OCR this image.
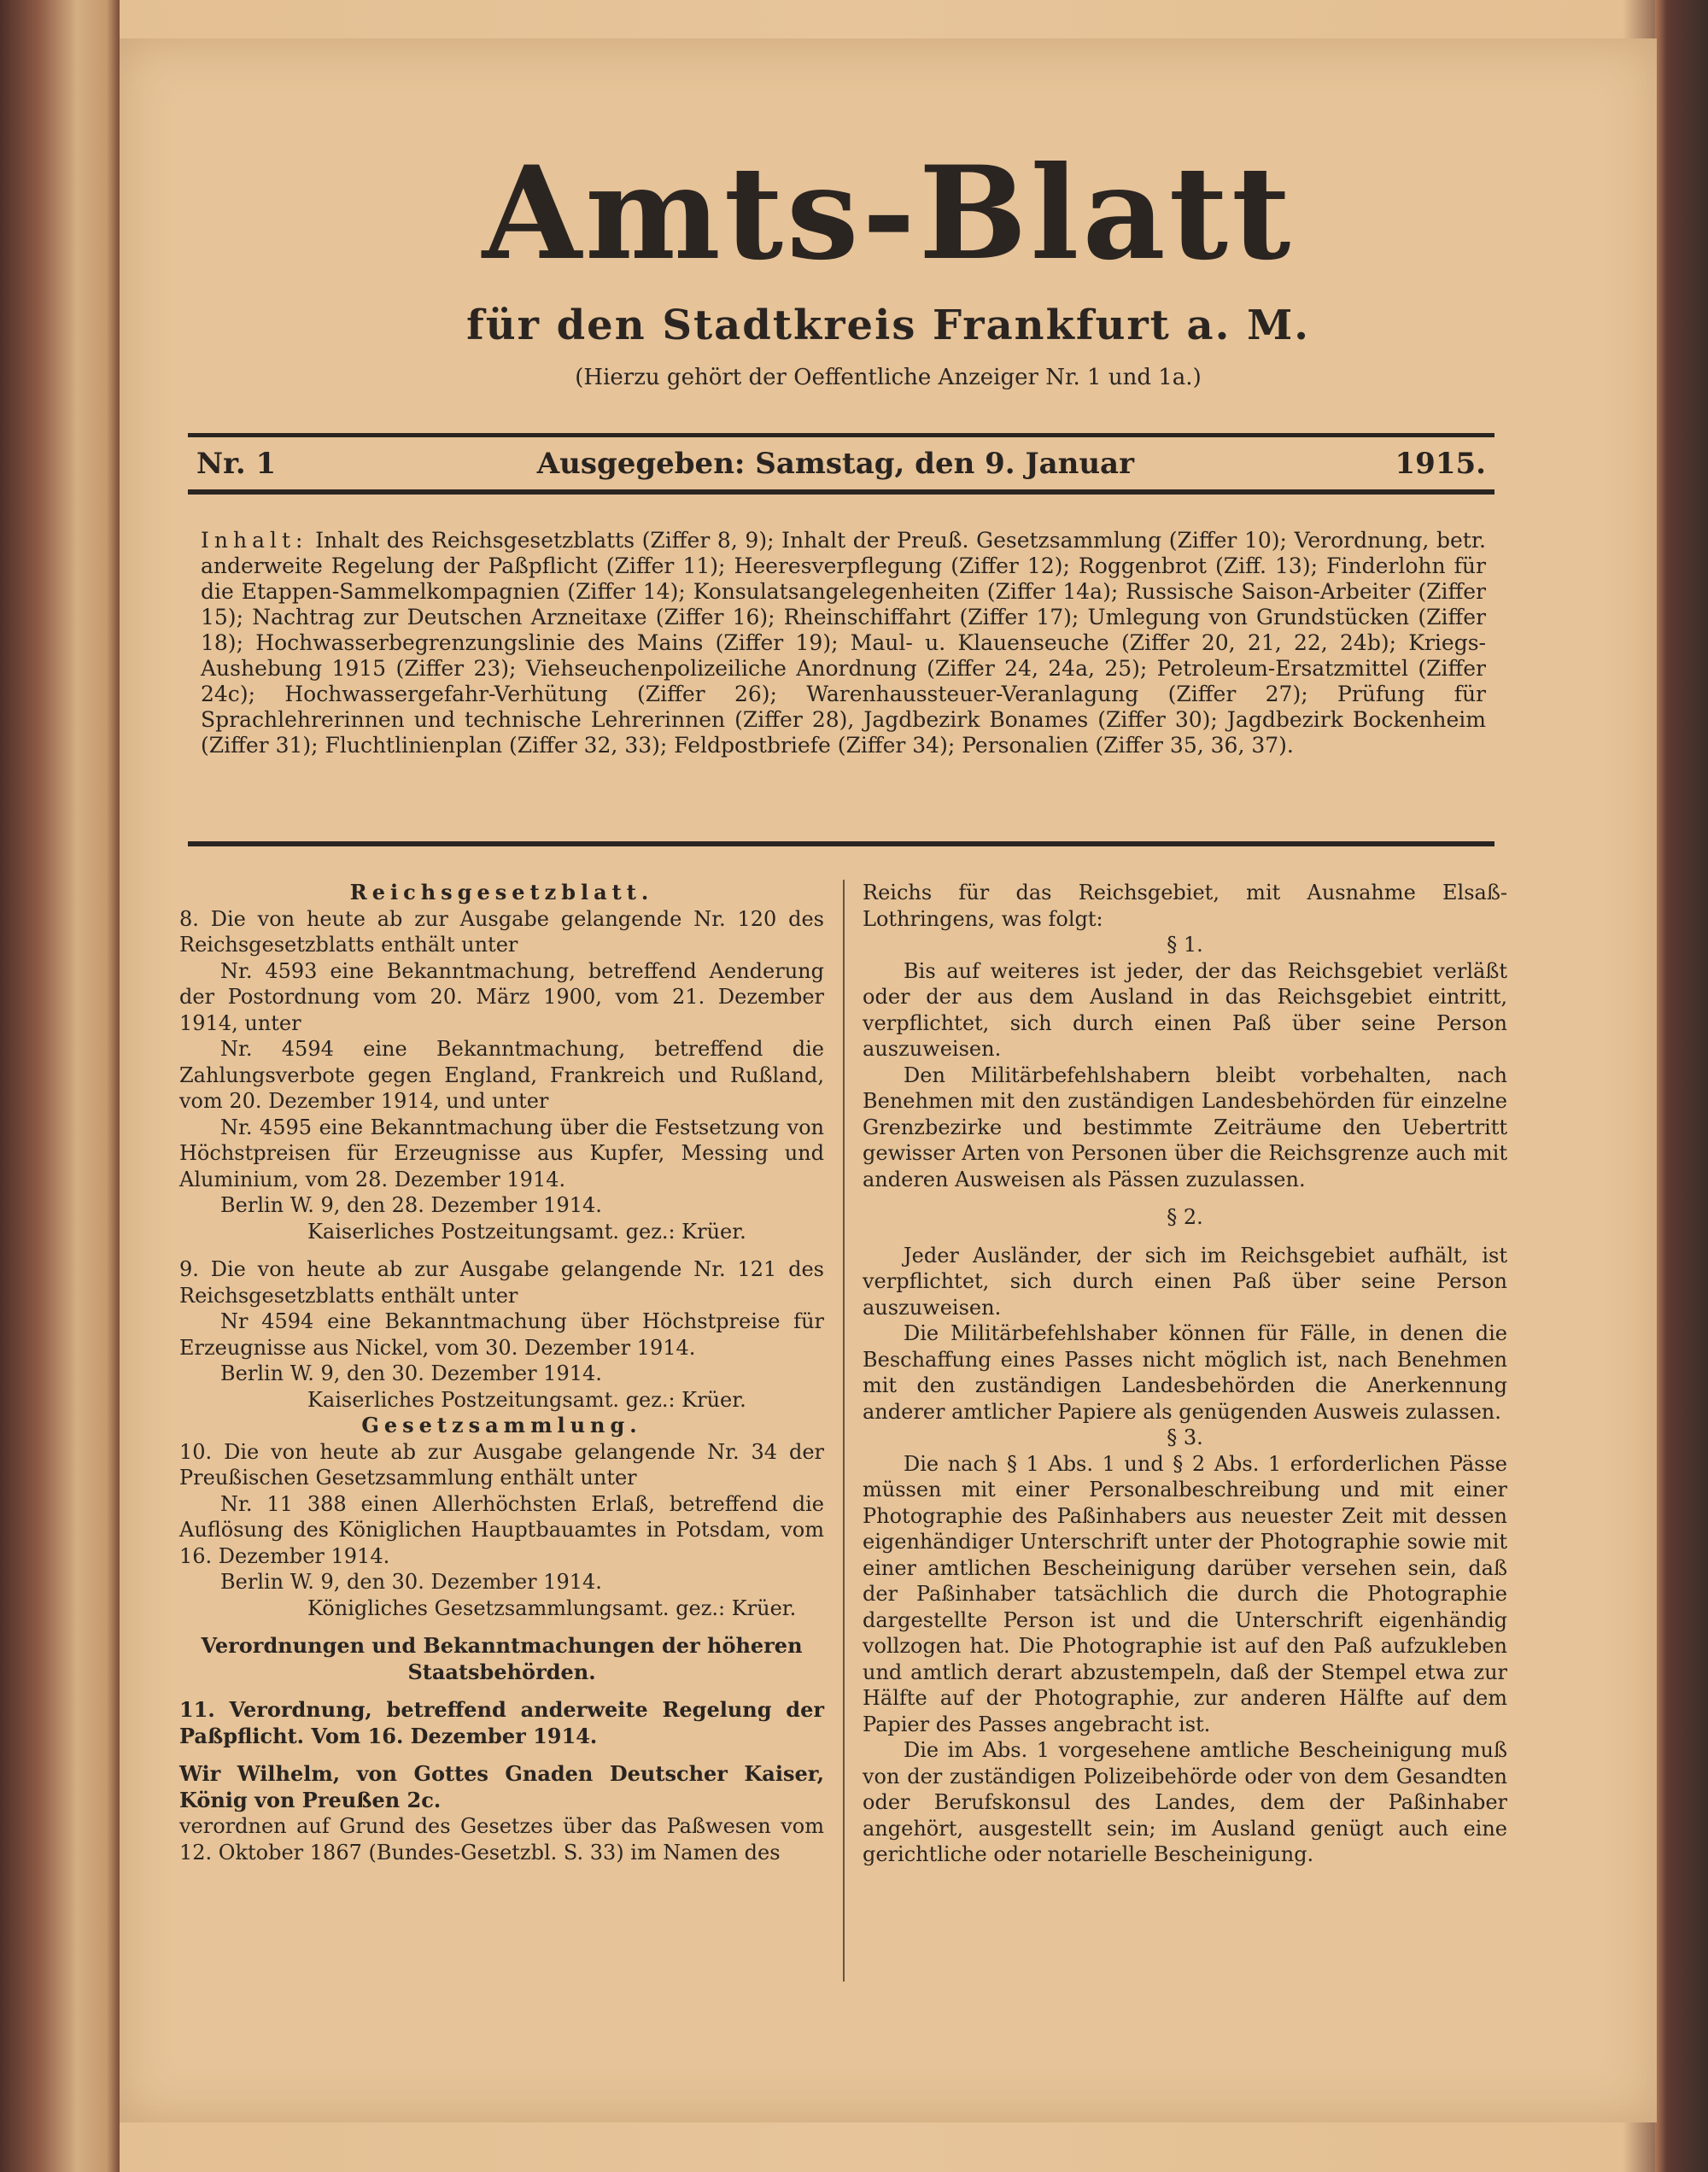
Amts-Blatt
für den Stadtkreis Frankfurt a. M.
(Hierzu gehört der Oeffentliche Anzeiger Nr. 1 und 1a.)
Nr. 1	Ausgegeben: Samstag, den 9. Januar	1915.
Inhalt: Inhalt des Reichsgesetzblatts (Ziffer 8, 9); Inhalt der Preuß. Gesetzsammlung (Ziffer 10); Verordnung, betr. anderweite Regelung der Paßpflicht (Ziffer 11); Heeresverpflegung (Ziffer 12); Roggenbrot (Ziff. 13); Finderlohn für die Etappen-Sammelkompagnien (Ziffer 14); Konsulatsangelegenheiten (Ziffer 14a); Russische Saison-Arbeiter (Ziffer 15); Nachtrag zur Deutschen Arzneitaxe (Ziffer 16); Rheinschiffahrt (Ziffer 17); Umlegung von Grundstücken (Ziffer 18); Hochwasserbegrenzungslinie des Mains (Ziffer 19); Maul- u. Klauenseuche (Ziffer 20, 21, 22, 24b); Kriegs-Aushebung 1915 (Ziffer 23); Viehseuchenpolizeiliche Anordnung (Ziffer 24, 24a, 25); Petroleum-Ersatzmittel (Ziffer 24c); Hochwassergefahr-Verhütung (Ziffer 26); Warenhaussteuer-Veranlagung (Ziffer 27); Prüfung für Sprachlehrerinnen und technische Lehrerinnen (Ziffer 28), Jagdbezirk Bonames (Ziffer 30); Jagdbezirk Bockenheim (Ziffer 31); Fluchtlinienplan (Ziffer 32, 33); Feldpostbriefe (Ziffer 34); Personalien (Ziffer 35, 36, 37).

Reichsgesetzblatt.

8. Die von heute ab zur Ausgabe gelangende Nr. 120 des Reichsgesetzblatts enthält unter

Nr. 4593 eine Bekanntmachung, betreffend Aenderung der Postordnung vom 20. März 1900, vom 21. Dezember 1914, unter

Nr. 4594 eine Bekanntmachung, betreffend die Zahlungsverbote gegen England, Frankreich und Rußland, vom 20. Dezember 1914, und unter

Nr. 4595 eine Bekanntmachung über die Festsetzung von Höchstpreisen für Erzeugnisse aus Kupfer, Messing und Aluminium, vom 28. Dezember 1914.

Berlin W. 9, den 28. Dezember 1914.

Kaiserliches Postzeitungsamt. gez.: Krüer.

9. Die von heute ab zur Ausgabe gelangende Nr. 121 des Reichsgesetzblatts enthält unter

Nr 4594 eine Bekanntmachung über Höchstpreise für Erzeugnisse aus Nickel, vom 30. Dezember 1914.

Berlin W. 9, den 30. Dezember 1914.

Kaiserliches Postzeitungsamt. gez.: Krüer.

Gesetzsammlung.

10. Die von heute ab zur Ausgabe gelangende Nr. 34 der Preußischen Gesetzsammlung enthält unter

Nr. 11 388 einen Allerhöchsten Erlaß, betreffend die Auflösung des Königlichen Hauptbauamtes in Potsdam, vom 16. Dezember 1914.

Berlin W. 9, den 30. Dezember 1914.

Königliches Gesetzsammlungsamt. gez.: Krüer.

Verordnungen und Bekanntmachungen der höheren Staatsbehörden.

11. Verordnung, betreffend anderweite Regelung der Paßpflicht. Vom 16. Dezember 1914.

Wir Wilhelm, von Gottes Gnaden Deutscher Kaiser, König von Preußen 2c.

verordnen auf Grund des Gesetzes über das Paßwesen vom 12. Oktober 1867 (Bundes-Gesetzbl. S. 33) im Namen des

Reichs für das Reichsgebiet, mit Ausnahme Elsaß-Lothringens, was folgt:

§ 1.

Bis auf weiteres ist jeder, der das Reichsgebiet verläßt oder der aus dem Ausland in das Reichsgebiet eintritt, verpflichtet, sich durch einen Paß über seine Person auszuweisen.

Den Militärbefehlshabern bleibt vorbehalten, nach Benehmen mit den zuständigen Landesbehörden für einzelne Grenzbezirke und bestimmte Zeiträume den Uebertritt gewisser Arten von Personen über die Reichsgrenze auch mit anderen Ausweisen als Pässen zuzulassen.

§ 2.

Jeder Ausländer, der sich im Reichsgebiet aufhält, ist verpflichtet, sich durch einen Paß über seine Person auszuweisen.

Die Militärbefehlshaber können für Fälle, in denen die Beschaffung eines Passes nicht möglich ist, nach Benehmen mit den zuständigen Landesbehörden die Anerkennung anderer amtlicher Papiere als genügenden Ausweis zulassen.

§ 3.

Die nach § 1 Abs. 1 und § 2 Abs. 1 erforderlichen Pässe müssen mit einer Personalbeschreibung und mit einer Photographie des Paßinhabers aus neuester Zeit mit dessen eigenhändiger Unterschrift unter der Photographie sowie mit einer amtlichen Bescheinigung darüber versehen sein, daß der Paßinhaber tatsächlich die durch die Photographie dargestellte Person ist und die Unterschrift eigenhändig vollzogen hat. Die Photographie ist auf den Paß aufzukleben und amtlich derart abzustempeln, daß der Stempel etwa zur Hälfte auf der Photographie, zur anderen Hälfte auf dem Papier des Passes angebracht ist.

Die im Abs. 1 vorgesehene amtliche Bescheinigung muß von der zuständigen Polizeibehörde oder von dem Gesandten oder Berufskonsul des Landes, dem der Paßinhaber angehört, ausgestellt sein; im Ausland genügt auch eine gerichtliche oder notarielle Bescheinigung.
